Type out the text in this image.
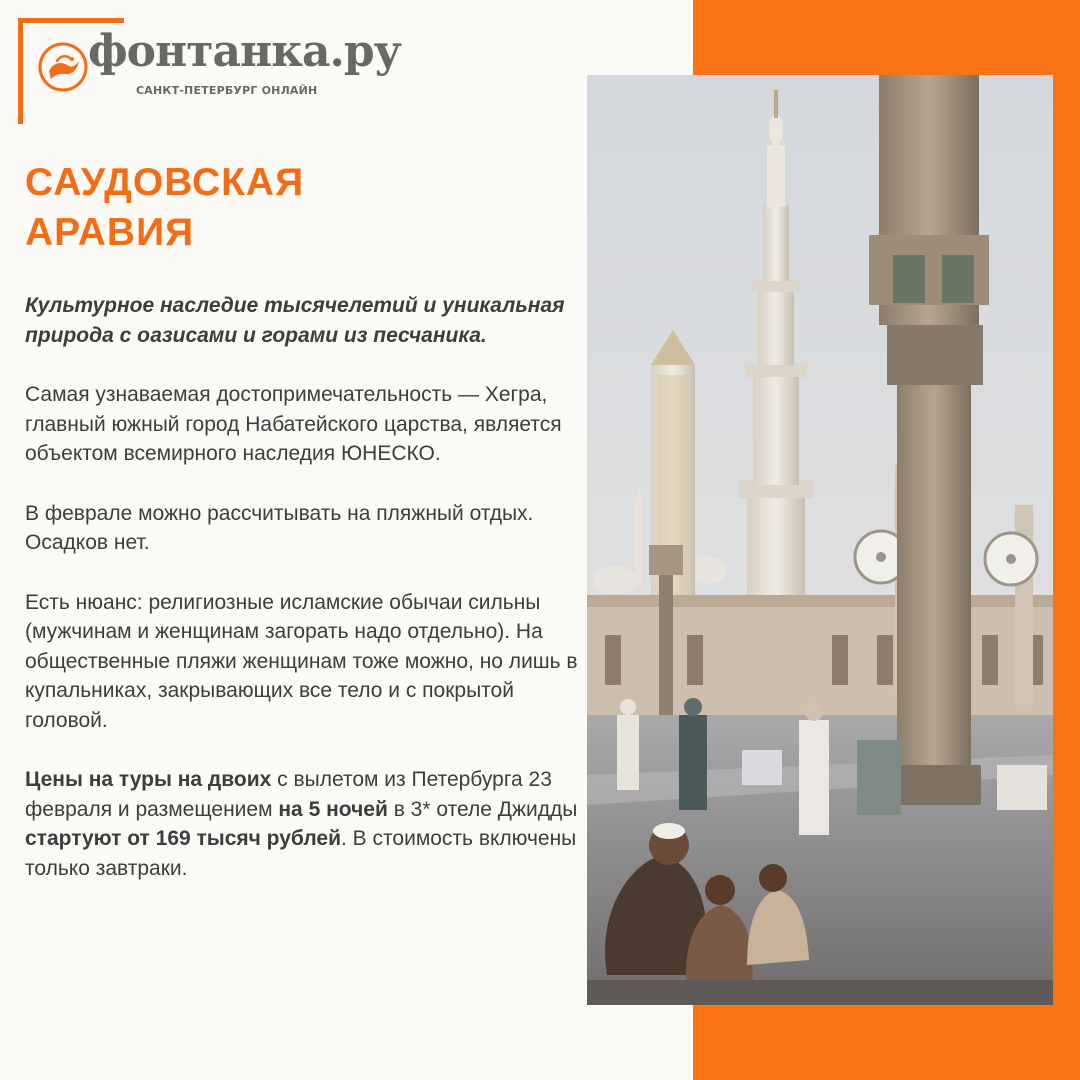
фонтанка.ру
САНКТ-ПЕТЕРБУРГ ОНЛАЙН
САУДОВСКАЯ
АРАВИЯ

Культурное наследие тысячелетий и уникальная природа с оазисами и горами из песчаника.

Самая узнаваемая достопримечательность — Хегра, главный южный город Набатейского царства, является объектом всемирного наследия ЮНЕСКО.

В феврале можно рассчитывать на пляжный отдых. Осадков нет.

Есть нюанс: религиозные исламские обычаи сильны (мужчинам и женщинам загорать надо отдельно). На общественные пляжи женщинам тоже можно, но лишь в купальниках, закрывающих все тело и с покрытой головой.

Цены на туры на двоих с вылетом из Петербурга 23 февраля и размещением на 5 ночей в 3* отеле Джидды стартуют от 169 тысяч рублей. В стоимость включены только завтраки.
